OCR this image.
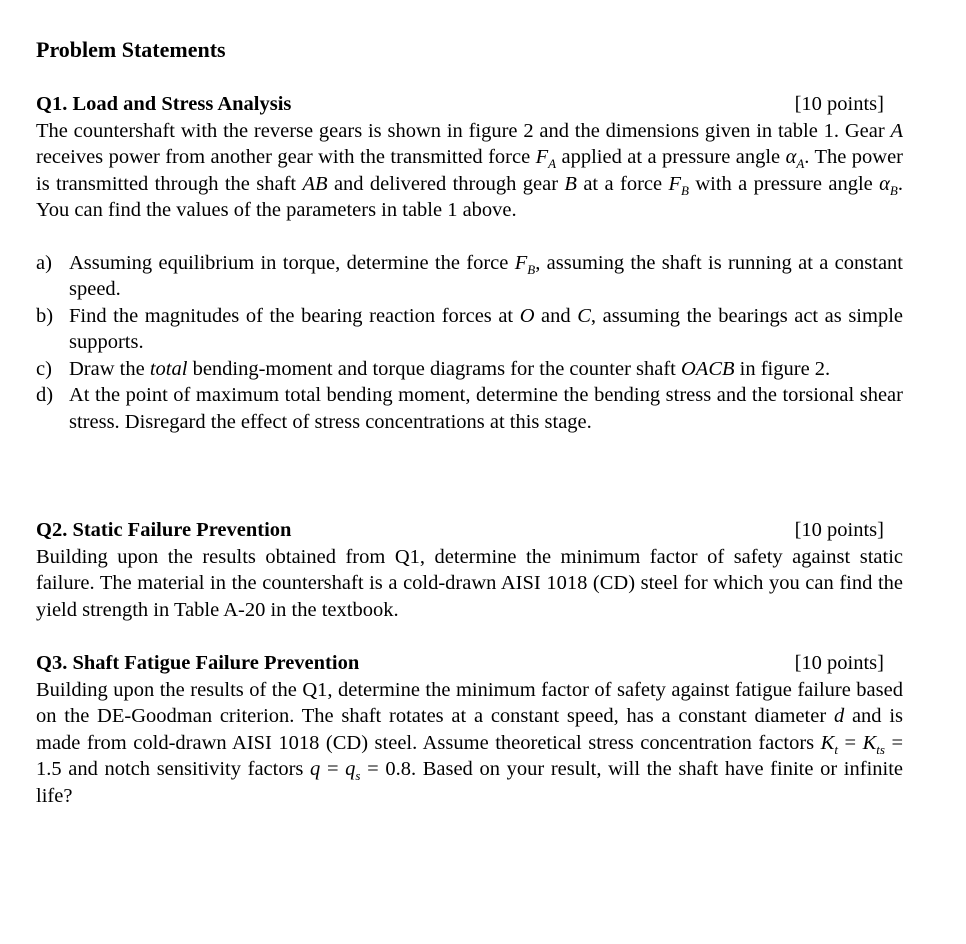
Problem Statements
Q1. Load and Stress Analysis	[10 points]

The countershaft with the reverse gears is shown in figure 2 and the dimensions given in table 1. Gear A receives power from another gear with the transmitted force $F_A$ applied at a pressure angle $\alpha_A$. The power is transmitted through the shaft AB and delivered through gear B at a force $F_B$ with a pressure angle $\alpha_B$. You can find the values of the parameters in table 1 above.

a) Assuming equilibrium in torque, determine the force $F_B$, assuming the shaft is running at a constant speed.
b) Find the magnitudes of the bearing reaction forces at O and C, assuming the bearings act as simple supports.
c) Draw the total bending-moment and torque diagrams for the counter shaft OACB in figure 2.
d) At the point of maximum total bending moment, determine the bending stress and the torsional shear stress. Disregard the effect of stress concentrations at this stage.
Q2. Static Failure Prevention	[10 points]

Building upon the results obtained from Q1, determine the minimum factor of safety against static failure. The material in the countershaft is a cold-drawn AISI 1018 (CD) steel for which you can find the yield strength in Table A-20 in the textbook.

Q3. Shaft Fatigue Failure Prevention	[10 points]

Building upon the results of the Q1, determine the minimum factor of safety against fatigue failure based on the DE-Goodman criterion. The shaft rotates at a constant speed, has a constant diameter d and is made from cold-drawn AISI 1018 (CD) steel. Assume theoretical stress concentration factors $K_t = K_{ts} = 1.5$ and notch sensitivity factors $q = q_s = 0.8$. Based on your result, will the shaft have finite or infinite life?
